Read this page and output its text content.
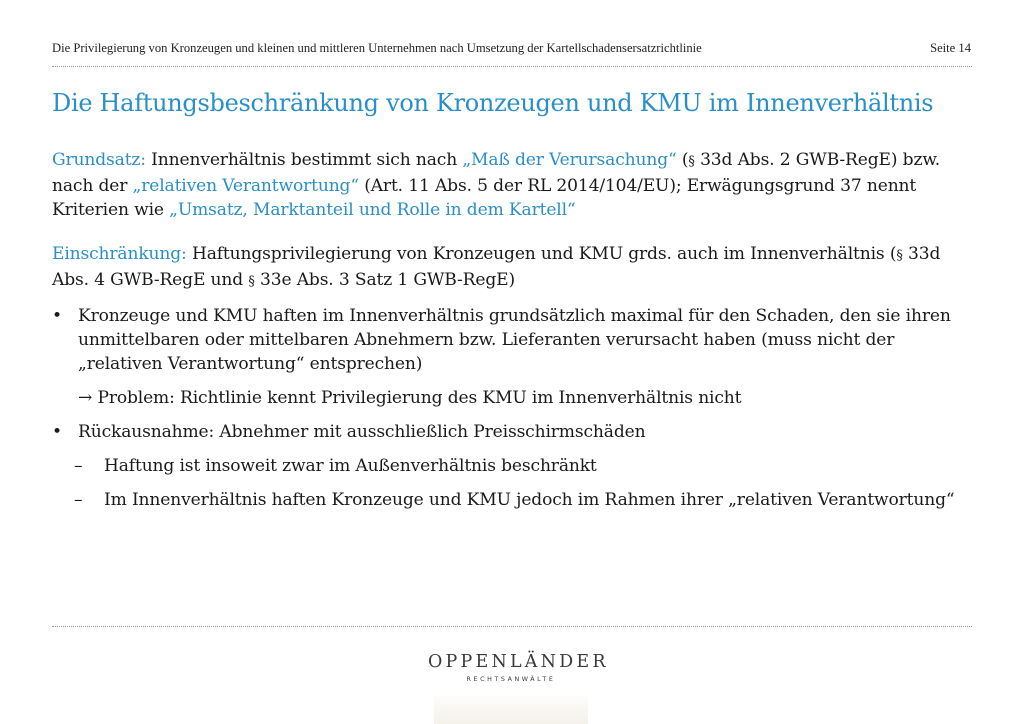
Die Privilegierung von Kronzeugen und kleinen und mittleren Unternehmen nach Umsetzung der Kartellschadensersatzrichtlinie	Seite 14
Die Haftungsbeschränkung von Kronzeugen und KMU im Innenverhältnis

Grundsatz: Innenverhältnis bestimmt sich nach „Maß der Verursachung“ (§ 33d Abs. 2 GWB-RegE) bzw. nach der „relativen Verantwortung“ (Art. 11 Abs. 5 der RL 2014/104/EU); Erwägungsgrund 37 nennt Kriterien wie „Umsatz, Marktanteil und Rolle in dem Kartell“

Einschränkung: Haftungsprivilegierung von Kronzeugen und KMU grds. auch im Innenverhältnis (§ 33d Abs. 4 GWB-RegE und § 33e Abs. 3 Satz 1 GWB-RegE)

• Kronzeuge und KMU haften im Innenverhältnis grundsätzlich maximal für den Schaden, den sie ihren unmittelbaren oder mittelbaren Abnehmern bzw. Lieferanten verursacht haben (muss nicht der „relativen Verantwortung“ entsprechen)
→ Problem: Richtlinie kennt Privilegierung des KMU im Innenverhältnis nicht
• Rückausnahme: Abnehmer mit ausschließlich Preisschirmschäden
– Haftung ist insoweit zwar im Außenverhältnis beschränkt
– Im Innenverhältnis haften Kronzeuge und KMU jedoch im Rahmen ihrer „relativen Verantwortung“
OPPENLÄNDER
RECHTSANWÄLTE
